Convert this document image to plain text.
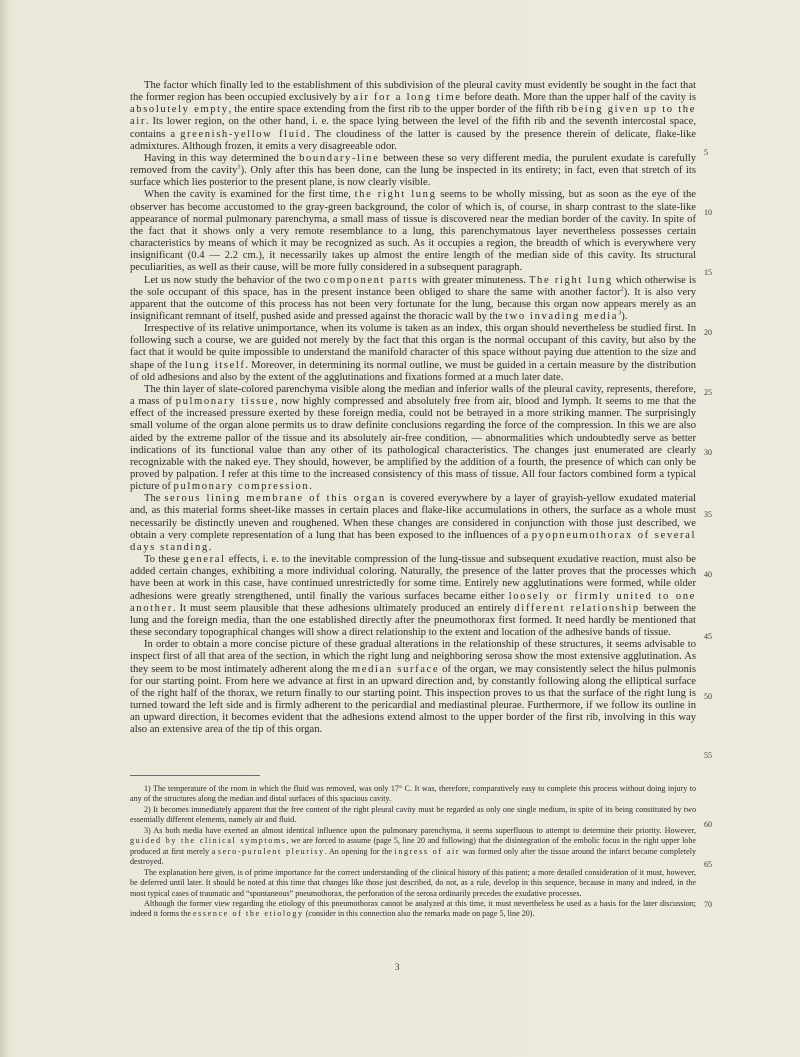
The factor which finally led to the establishment of this subdivision of the pleural cavity must evidently be sought in the fact that the former region has been occupied exclusively by air for a long time before death. More than the upper half of the cavity is absolutely empty, the entire space extending from the first rib to the upper border of the fifth rib being given up to the air. Its lower region, on the other hand, i. e. the space lying between the level of the fifth rib and the seventh intercostal space, contains a greenish-yellow fluid. The cloudiness of the latter is caused by the presence therein of delicate, flake-like admixtures. Although frozen, it emits a very disagreeable odor.

Having in this way determined the boundary-line between these so very different media, the purulent exudate is carefully removed from the cavity$^1$). Only after this has been done, can the lung be inspected in its entirety; in fact, even that stretch of its surface which lies posterior to the present plane, is now clearly visible.

When the cavity is examined for the first time, the right lung seems to be wholly missing, but as soon as the eye of the observer has become accustomed to the gray-green background, the color of which is, of course, in sharp contrast to the slate-like appearance of normal pulmonary parenchyma, a small mass of tissue is discovered near the median border of the cavity. In spite of the fact that it shows only a very remote resemblance to a lung, this parenchymatous layer nevertheless possesses certain characteristics by means of which it may be recognized as such. As it occupies a region, the breadth of which is everywhere very insignificant (0.4 — 2.2 cm.), it necessarily takes up almost the entire length of the median side of this cavity. Its structural peculiarities, as well as their cause, will be more fully considered in a subsequent paragraph.

Let us now study the behavior of the two component parts with greater minuteness. The right lung which otherwise is the sole occupant of this space, has in the present instance been obliged to share the same with another factor$^2$). It is also very apparent that the outcome of this process has not been very fortunate for the lung, because this organ now appears merely as an insignificant remnant of itself, pushed aside and pressed against the thoracic wall by the two invading media$^3$).

Irrespective of its relative unimportance, when its volume is taken as an index, this organ should nevertheless be studied first. In following such a course, we are guided not merely by the fact that this organ is the normal occupant of this cavity, but also by the fact that it would be quite impossible to understand the manifold character of this space without paying due attention to the size and shape of the lung itself. Moreover, in determining its normal outline, we must be guided in a certain measure by the distribution of old adhesions and also by the extent of the agglutinations and fixations formed at a much later date.

The thin layer of slate-colored parenchyma visible along the median and inferior walls of the pleural cavity, represents, therefore, a mass of pulmonary tissue, now highly compressed and absolutely free from air, blood and lymph. It seems to me that the effect of the increased pressure exerted by these foreign media, could not be betrayed in a more striking manner. The surprisingly small volume of the organ alone permits us to draw definite conclusions regarding the force of the compression. In this we are also aided by the extreme pallor of the tissue and its absolutely air-free condition, — abnormalities which undoubtedly serve as better indications of its functional value than any other of its pathological characteristics. The changes just enumerated are clearly recognizable with the naked eye. They should, however, be amplified by the addition of a fourth, the presence of which can only be proved by palpation. I refer at this time to the increased consistency of this mass of tissue. All four factors combined form a typical picture of pulmonary compression.

The serous lining membrane of this organ is covered everywhere by a layer of grayish-yellow exudated material and, as this material forms sheet-like masses in certain places and flake-like accumulations in others, the surface as a whole must necessarily be distinctly uneven and roughened. When these changes are considered in conjunction with those just described, we obtain a very complete representation of a lung that has been exposed to the influences of a pyopneumothorax of several days standing.

To these general effects, i. e. to the inevitable compression of the lung-tissue and subsequent exudative reaction, must also be added certain changes, exhibiting a more individual coloring. Naturally, the presence of the latter proves that the processes which have been at work in this case, have continued unrestrictedly for some time. Entirely new agglutinations were formed, while older adhesions were greatly strengthened, until finally the various surfaces became either loosely or firmly united to one another. It must seem plausible that these adhesions ultimately produced an entirely different relationship between the lung and the foreign media, than the one established directly after the pneumothorax first formed. It need hardly be mentioned that these secondary topographical changes will show a direct relationship to the extent and location of the adhesive bands of tissue.

In order to obtain a more concise picture of these gradual alterations in the relationship of these structures, it seems advisable to inspect first of all that area of the section, in which the right lung and neighboring serosa show the most extensive agglutination. As they seem to be most intimately adherent along the median surface of the organ, we may consistently select the hilus pulmonis for our starting point. From here we advance at first in an upward direction and, by constantly following along the elliptical surface of the right half of the thorax, we return finally to our starting point. This inspection proves to us that the surface of the right lung is turned toward the left side and is firmly adherent to the pericardial and mediastinal pleurae. Furthermore, if we follow its outline in an upward direction, it becomes evident that the adhesions extend almost to the upper border of the first rib, involving in this way also an extensive area of the tip of this organ.

5
10
15
20
25
30
35
40
45
50
55
60
65
70

1) The temperature of the room in which the fluid was removed, was only 17° C. It was, therefore, comparatively easy to complete this process without doing injury to any of the structures along the median and distal surfaces of this spacious cavity.

2) It becomes immediately apparent that the free content of the right pleural cavity must be regarded as only one single medium, in spite of its being constituted by two essentially different elements, namely air and fluid.

3) As both media have exerted an almost identical influence upon the pulmonary parenchyma, it seems superfluous to attempt to determine their priority. However, guided by the clinical symptoms, we are forced to assume (page 5, line 20 and following) that the disintegration of the embolic focus in the right upper lobe produced at first merely a sero-purulent pleurisy. An opening for the ingress of air was formed only after the tissue around the infarct became completely destroyed.

The explanation here given, is of prime importance for the correct understanding of the clinical history of this patient; a more detailed consideration of it must, however, be deferred until later. It should be noted at this time that changes like those just described, do not, as a rule, develop in this sequence, because in many and indeed, in the most typical cases of traumatic and “spontaneous” pneumothorax, the perforation of the serosa ordinarily precedes the exudative processes.

Although the former view regarding the etiology of this pneumothorax cannot be analyzed at this time, it must nevertheless be used as a basis for the later discussion; indeed it forms the essence of the etiology (consider in this connection also the remarks made on page 5, line 20).

3
